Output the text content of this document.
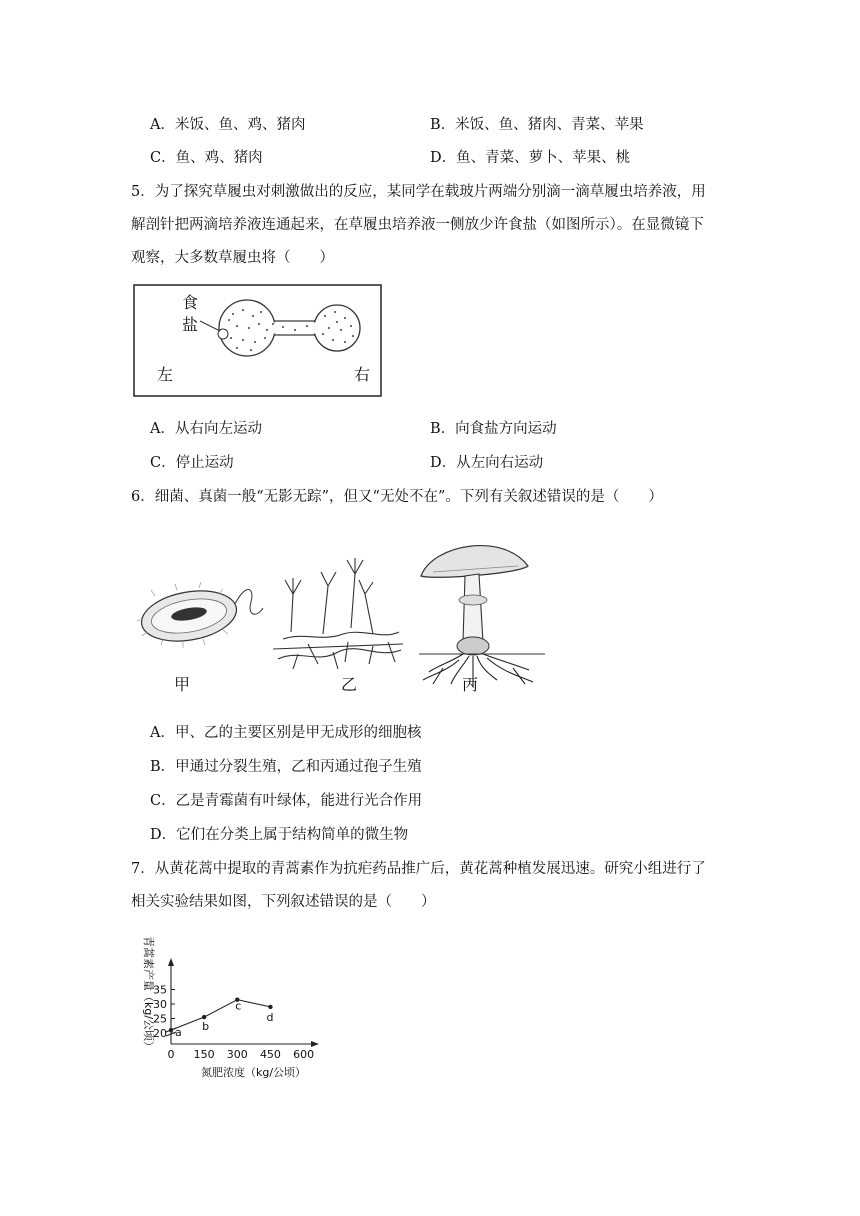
A．米饭、鱼、鸡、猪肉	B．米饭、鱼、猪肉、青菜、苹果
C．鱼、鸡、猪肉	D．鱼、青菜、萝卜、苹果、桃
5．为了探究草履虫对刺激做出的反应，某同学在载玻片两端分别滴一滴草履虫培养液，用
解剖针把两滴培养液连通起来，在草履虫培养液一侧放少许食盐（如图所示）。在显微镜下
观察，大多数草履虫将（　　）
食
盐
左	右
A．从右向左运动	B．向食盐方向运动
C．停止运动	D．从左向右运动
6．细菌、真菌一般“无影无踪”，但又“无处不在”。下列有关叙述错误的是（　　）
甲	乙	丙
A．甲、乙的主要区别是甲无成形的细胞核
B．甲通过分裂生殖，乙和丙通过孢子生殖
C．乙是青霉菌有叶绿体，能进行光合作用
D．它们在分类上属于结构简单的微生物
7．从黄花蒿中提取的青蒿素作为抗疟药品推广后，黄花蒿种植发展迅速。研究小组进行了
相关实验结果如图，下列叙述错误的是（　　）
青蒿素产量（kg/公顷）
氮肥浓度（kg/公顷）
0 150 300 450 600
20
25
30
35
a b
c
d
